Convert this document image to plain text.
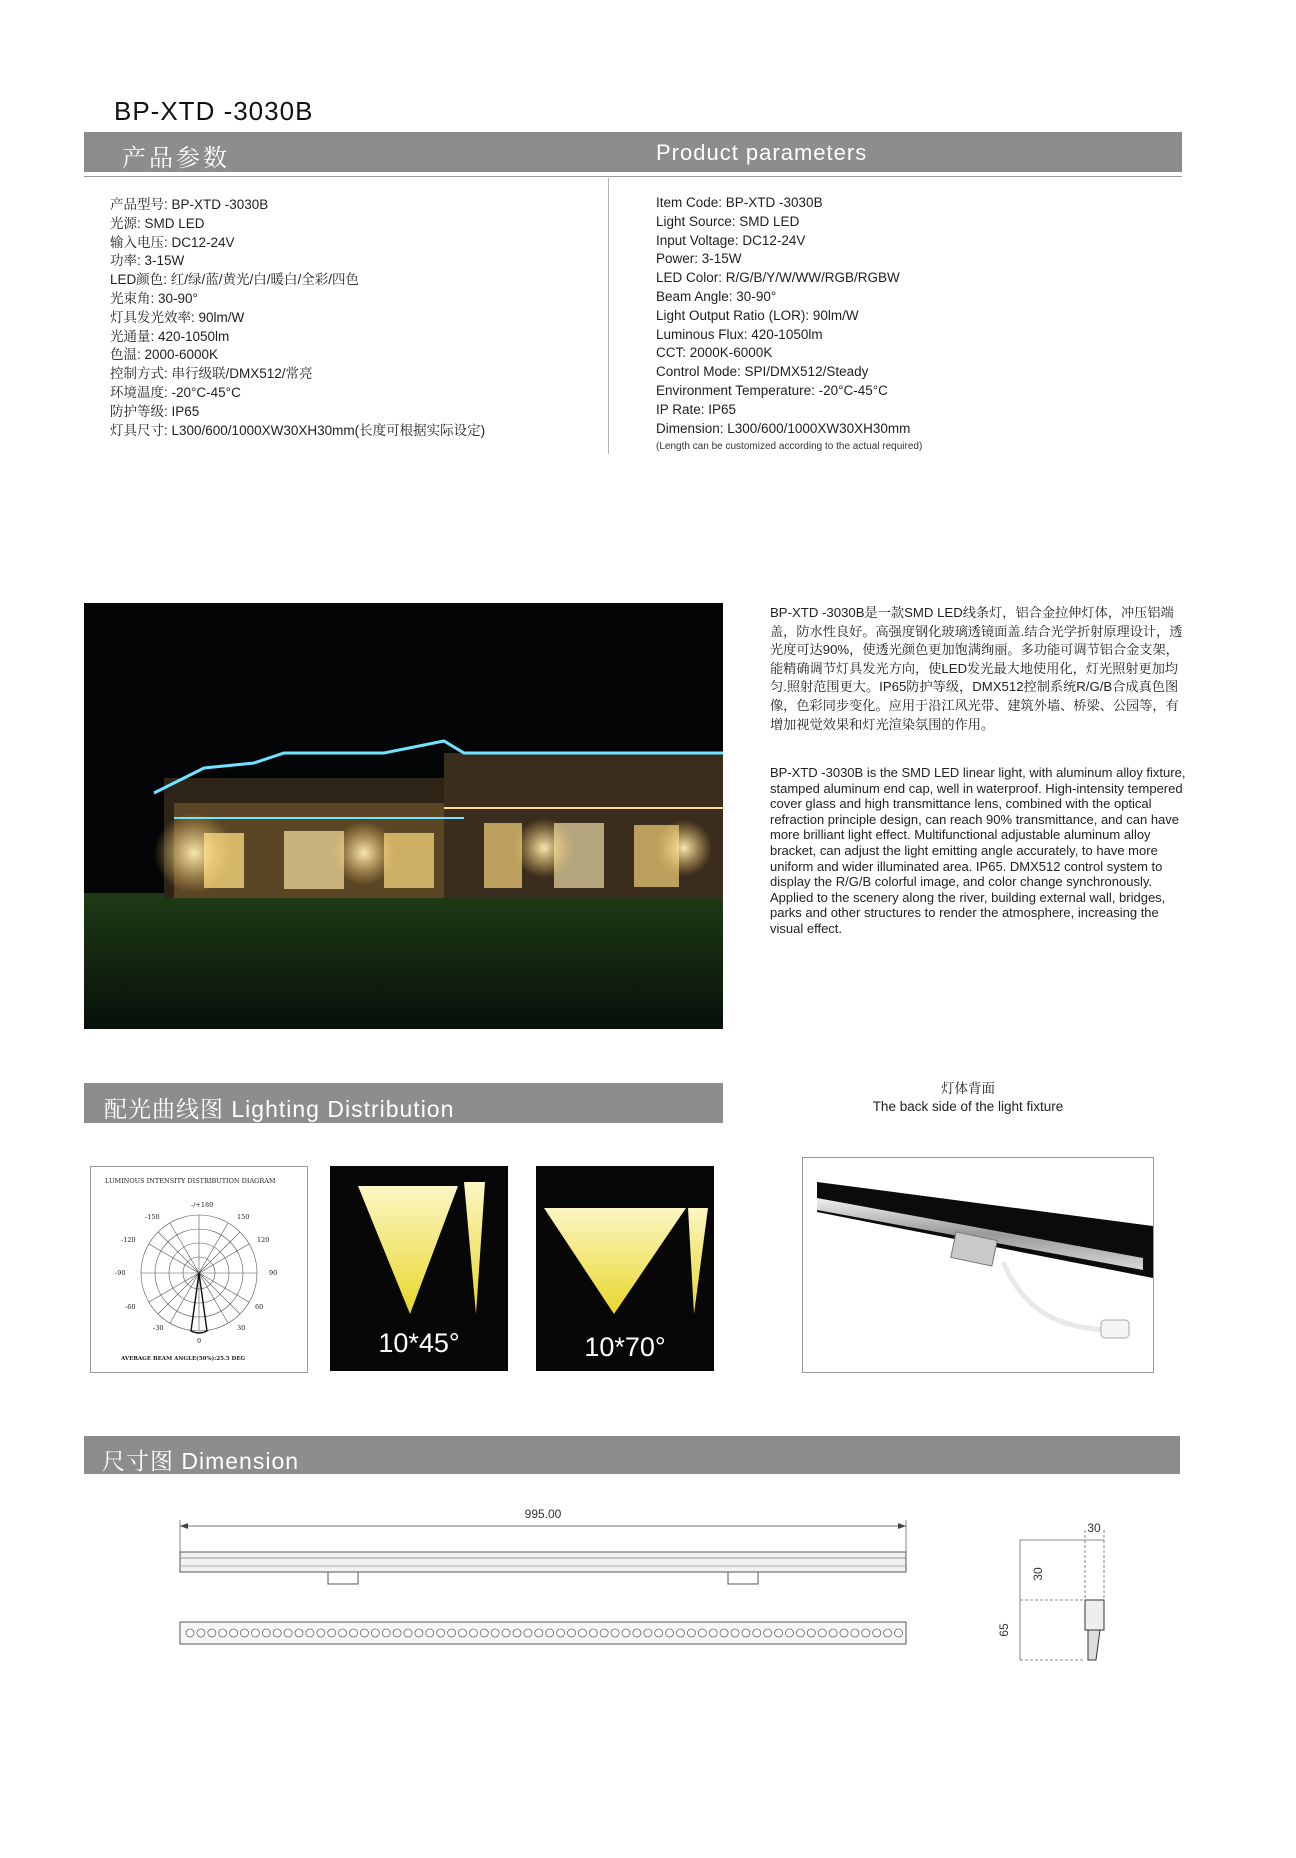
BP-XTD -3030B
产品参数	Product parameters
产品型号: BP-XTD -3030B
光源: SMD LED
输入电压: DC12-24V
功率: 3-15W
LED颜色: 红/绿/蓝/黄光/白/暖白/全彩/四色
光束角: 30-90°
灯具发光效率: 90lm/W
光通量: 420-1050lm
色温: 2000-6000K
控制方式: 串行级联/DMX512/常亮
环境温度: -20°C-45°C
防护等级: IP65
灯具尺寸: L300/600/1000XW30XH30mm(长度可根据实际设定)
Item Code: BP-XTD -3030B
Light Source: SMD LED
Input Voltage: DC12-24V
Power: 3-15W
LED Color: R/G/B/Y/W/WW/RGB/RGBW
Beam Angle: 30-90°
Light Output Ratio (LOR): 90lm/W
Luminous Flux: 420-1050lm
CCT: 2000K-6000K
Control Mode: SPI/DMX512/Steady
Environment Temperature: -20°C-45°C
IP Rate: IP65
Dimension: L300/600/1000XW30XH30mm
(Length can be customized according to the actual required)
BP-XTD -3030B是一款SMD LED线条灯，铝合金拉伸灯体，冲压铝端盖，防水性良好。高强度钢化玻璃透镜面盖.结合光学折射原理设计，透光度可达90%，使透光颜色更加饱满绚丽。多功能可调节铝合金支架，能精确调节灯具发光方向，使LED发光最大地使用化，灯光照射更加均匀.照射范围更大。IP65防护等级，DMX512控制系统R/G/B合成真色图像，色彩同步变化。应用于沿江风光带、建筑外墙、桥梁、公园等，有增加视觉效果和灯光渲染氛围的作用。
BP-XTD -3030B is the SMD LED linear light, with aluminum alloy fixture, stamped aluminum end cap, well in waterproof. High-intensity tempered cover glass and high transmittance lens, combined with the optical refraction principle design, can reach 90% transmittance, and can have more brilliant light effect. Multifunctional adjustable aluminum alloy bracket, can adjust the light emitting angle accurately, to have more uniform and wider illuminated area. IP65. DMX512 control system to display the R/G/B colorful image, and color change synchronously. Applied to the scenery along the river, building external wall, bridges, parks and other structures to render the atmosphere, increasing the visual effect.
配光曲线图 Lighting Distribution
灯体背面
The back side of the light fixture
LUMINOUS INTENSITY DISTRIBUTION DIAGRAM
-/+180
-150	150
-120	120
-90	90
-60	60
-30	30
0
AVERAGE BEAM ANGLE(50%):25.5 DEG
10*45°	10*70°
尺寸图 Dimension
995.00
30
30
65
